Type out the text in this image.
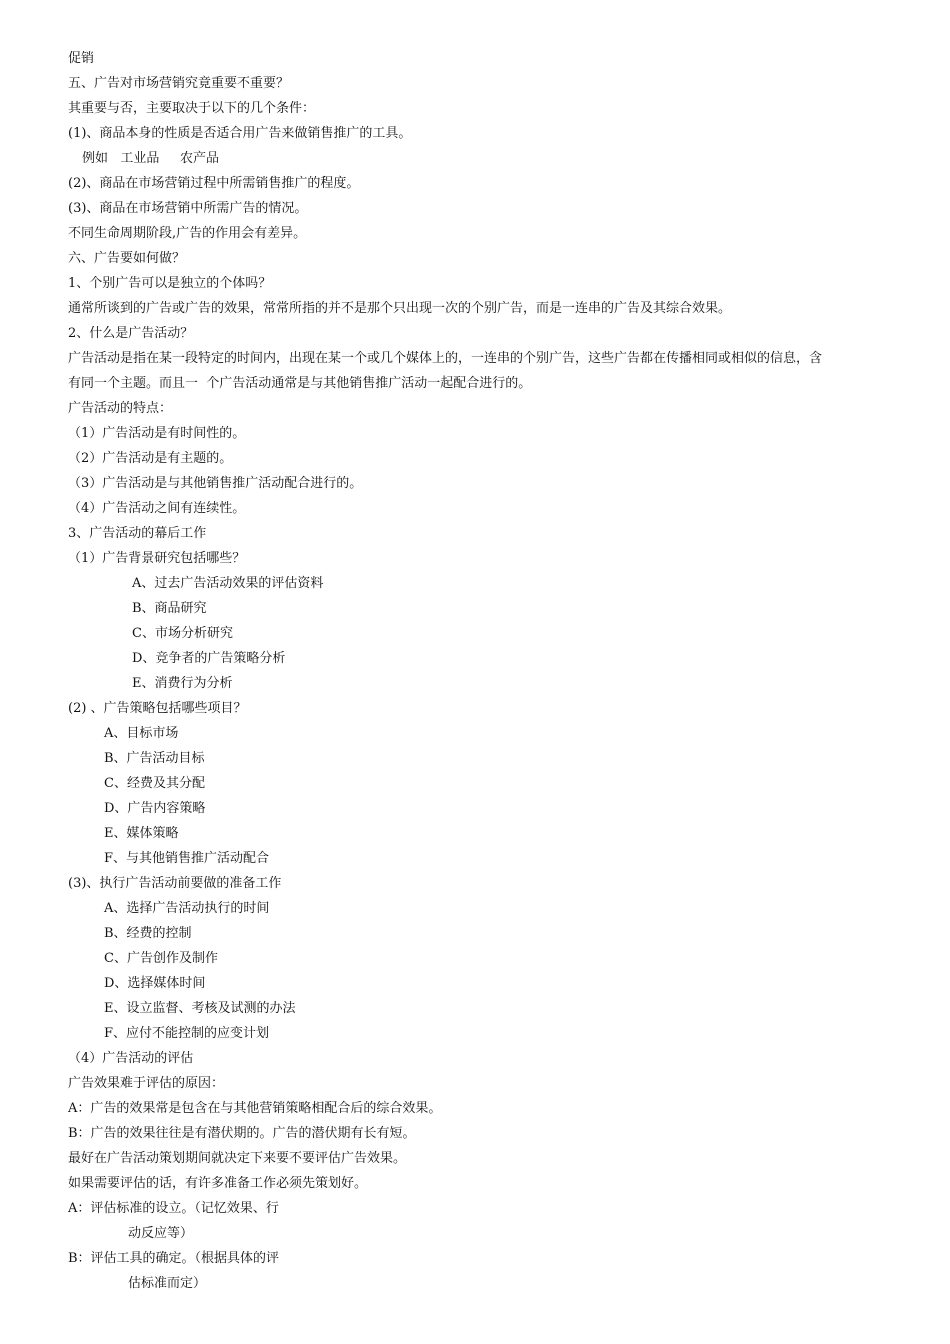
促销

五、广告对市场营销究竟重要不重要？

其重要与否，主要取决于以下的几个条件：

(1)、商品本身的性质是否适合用广告来做销售推广的工具。

例如   工业品     农产品

(2)、商品在市场营销过程中所需销售推广的程度。

(3)、商品在市场营销中所需广告的情况。

不同生命周期阶段,广告的作用会有差异。

六、广告要如何做？

1、个别广告可以是独立的个体吗？

通常所谈到的广告或广告的效果，常常所指的并不是那个只出现一次的个别广告，而是一连串的广告及其综合效果。

2、什么是广告活动？

广告活动是指在某一段特定的时间内，出现在某一个或几个媒体上的，一连串的个别广告，这些广告都在传播相同或相似的信息，含

有同一个主题。而且一  个广告活动通常是与其他销售推广活动一起配合进行的。

广告活动的特点：

（1）广告活动是有时间性的。

（2）广告活动是有主题的。

（3）广告活动是与其他销售推广活动配合进行的。

（4）广告活动之间有连续性。

3、广告活动的幕后工作

（1）广告背景研究包括哪些？

A、过去广告活动效果的评估资料

B、商品研究

C、市场分析研究

D、竞争者的广告策略分析

E、消费行为分析

(2) 、广告策略包括哪些项目？

A、目标市场

B、广告活动目标

C、经费及其分配

D、广告内容策略

E、媒体策略

F、与其他销售推广活动配合

(3)、执行广告活动前要做的准备工作

A、选择广告活动执行的时间

B、经费的控制

C、广告创作及制作

D、选择媒体时间

E、设立监督、考核及试测的办法

F、应付不能控制的应变计划

（4）广告活动的评估

广告效果难于评估的原因：

A：广告的效果常是包含在与其他营销策略相配合后的综合效果。

B：广告的效果往往是有潜伏期的。广告的潜伏期有长有短。

最好在广告活动策划期间就决定下来要不要评估广告效果。

如果需要评估的话，有许多准备工作必须先策划好。

A：评估标准的设立。（记忆效果、行

动反应等）

B：评估工具的确定。（根据具体的评

估标准而定）
